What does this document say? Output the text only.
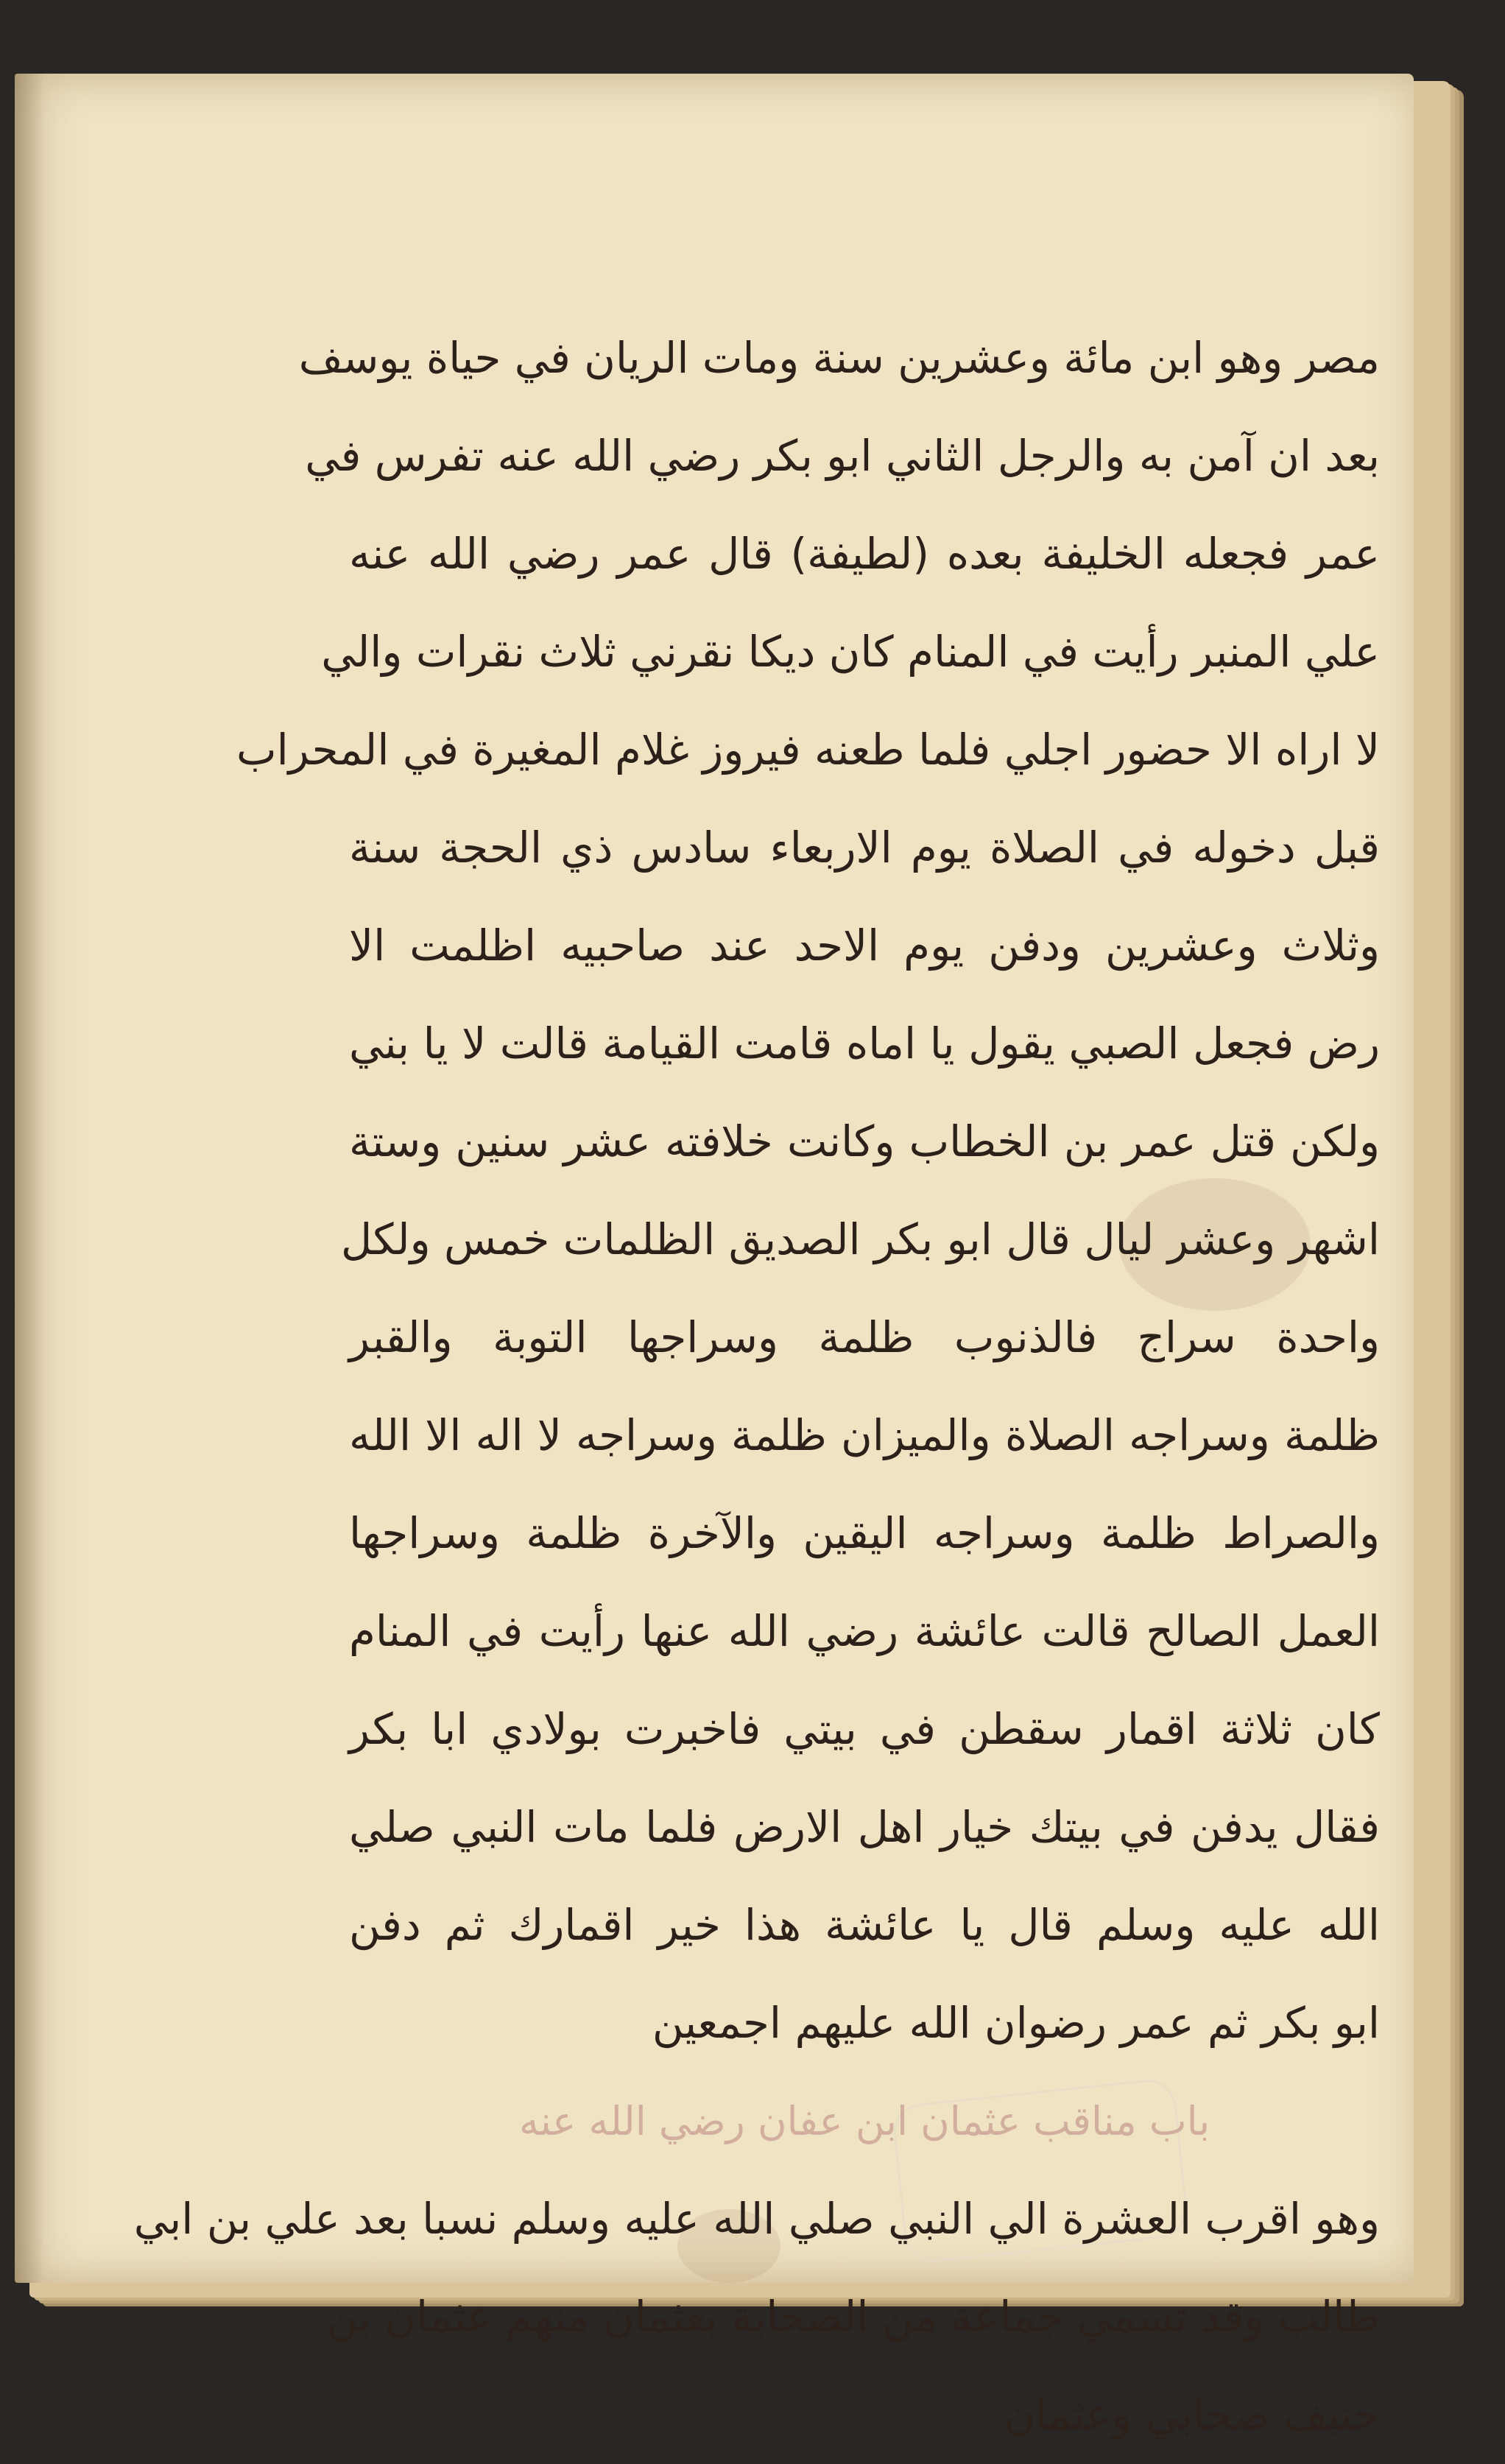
مصر وهو ابن مائة وعشرين سنة ومات الريان في حياة يوسف
بعد ان آمن به والرجل الثاني ابو بكر رضي الله عنه تفرس في
عمر فجعله الخليفة بعده (لطيفة) قال عمر رضي الله عنه
علي المنبر رأيت في المنام كان ديكا نقرني ثلاث نقرات والي
لا اراه الا حضور اجلي فلما طعنه فيروز غلام المغيرة في المحراب
قبل دخوله في الصلاة يوم الاربعاء سادس ذي الحجة سنة
وثلاث وعشرين ودفن يوم الاحد عند صاحبيه اظلمت الا
رض فجعل الصبي يقول يا اماه قامت القيامة قالت لا يا بني
ولكن قتل عمر بن الخطاب وكانت خلافته عشر سنين وستة
اشهر وعشر ليال قال ابو بكر الصديق الظلمات خمس ولكل
واحدة سراج فالذنوب ظلمة وسراجها التوبة والقبر
ظلمة وسراجه الصلاة والميزان ظلمة وسراجه لا اله الا الله
والصراط ظلمة وسراجه اليقين والآخرة ظلمة وسراجها
العمل الصالح قالت عائشة رضي الله عنها رأيت في المنام
كان ثلاثة اقمار سقطن في بيتي فاخبرت بولادي ابا بكر
فقال يدفن في بيتك خيار اهل الارض فلما مات النبي صلي
الله عليه وسلم قال يا عائشة هذا خير اقمارك ثم دفن
ابو بكر ثم عمر رضوان الله عليهم اجمعين
باب مناقب عثمان ابن عفان رضي الله عنه
وهو اقرب العشرة الي النبي صلي الله عليه وسلم نسبا بعد علي بن ابي
طالب وقد تسمي جماعة من الصحابة بعثمان منهم عثمان بن
حنيف صحابي وعثمان
